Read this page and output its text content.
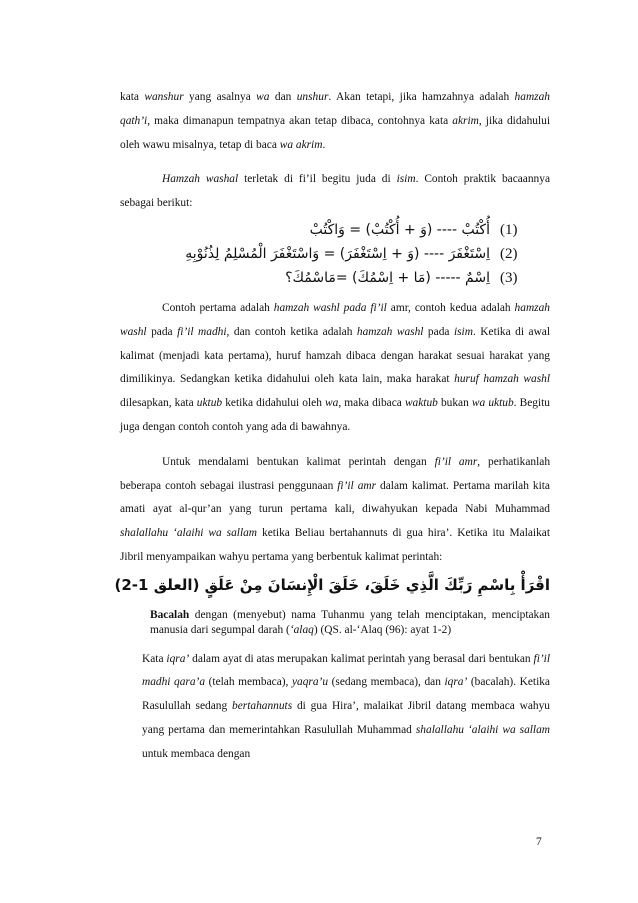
kata wanshur yang asalnya wa dan unshur. Akan tetapi, jika hamzahnya adalah hamzah qath’i, maka dimanapun tempatnya akan tetap dibaca, contohnya kata akrim, jika didahului oleh wawu misalnya, tetap di baca wa akrim.

Hamzah washal terletak di fi’il begitu juda di isim. Contoh praktik bacaannya sebagai berikut:

أُكْتُبْ ---- (وَ + أُكْتُبْ) = وَاكْتُبْ (1)
اِسْتَغْفَرَ ---- (وَ + اِسْتَغْفَرَ) = وَاسْتَغْفَرَ الْمُسْلِمُ لِذُنُوْبِهِ (2)
اِسْمٌ ----- (مَا + اِسْمُكَ) =مَاسْمُكَ؟ (3)

Contoh pertama adalah hamzah washl pada fi’il amr, contoh kedua adalah hamzah washl pada fi’il madhi, dan contoh ketika adalah hamzah washl pada isim. Ketika di awal kalimat (menjadi kata pertama), huruf hamzah dibaca dengan harakat sesuai harakat yang dimilikinya. Sedangkan ketika didahului oleh kata lain, maka harakat huruf hamzah washl dilesapkan, kata uktub ketika didahului oleh wa, maka dibaca waktub bukan wa uktub. Begitu juga dengan contoh contoh yang ada di bawahnya.

Untuk mendalami bentukan kalimat perintah dengan fi’il amr, perhatikanlah beberapa contoh sebagai ilustrasi penggunaan fi’il amr dalam kalimat. Pertama marilah kita amati ayat al-qur’an yang turun pertama kali, diwahyukan kepada Nabi Muhammad shalallahu ‘alaihi wa sallam ketika Beliau bertahannuts di gua hira’. Ketika itu Malaikat Jibril menyampaikan wahyu pertama yang berbentuk kalimat perintah:

اقْرَأْ بِاسْمِ رَبِّكَ الَّذِي خَلَقَ، خَلَقَ الْإِنسَانَ مِنْ عَلَقٍ (العلق 1-2)

Bacalah dengan (menyebut) nama Tuhanmu yang telah menciptakan, menciptakan manusia dari segumpal darah (‘alaq) (QS. al-‘Alaq (96): ayat 1-2)

Kata iqra’ dalam ayat di atas merupakan kalimat perintah yang berasal dari bentukan fi’il madhi qara’a (telah membaca), yaqra’u (sedang membaca), dan iqra’ (bacalah). Ketika Rasulullah sedang bertahannuts di gua Hira’, malaikat Jibril datang membaca wahyu yang pertama dan memerintahkan Rasulullah Muhammad shalallahu ‘alaihi wa sallam untuk membaca dengan

7
